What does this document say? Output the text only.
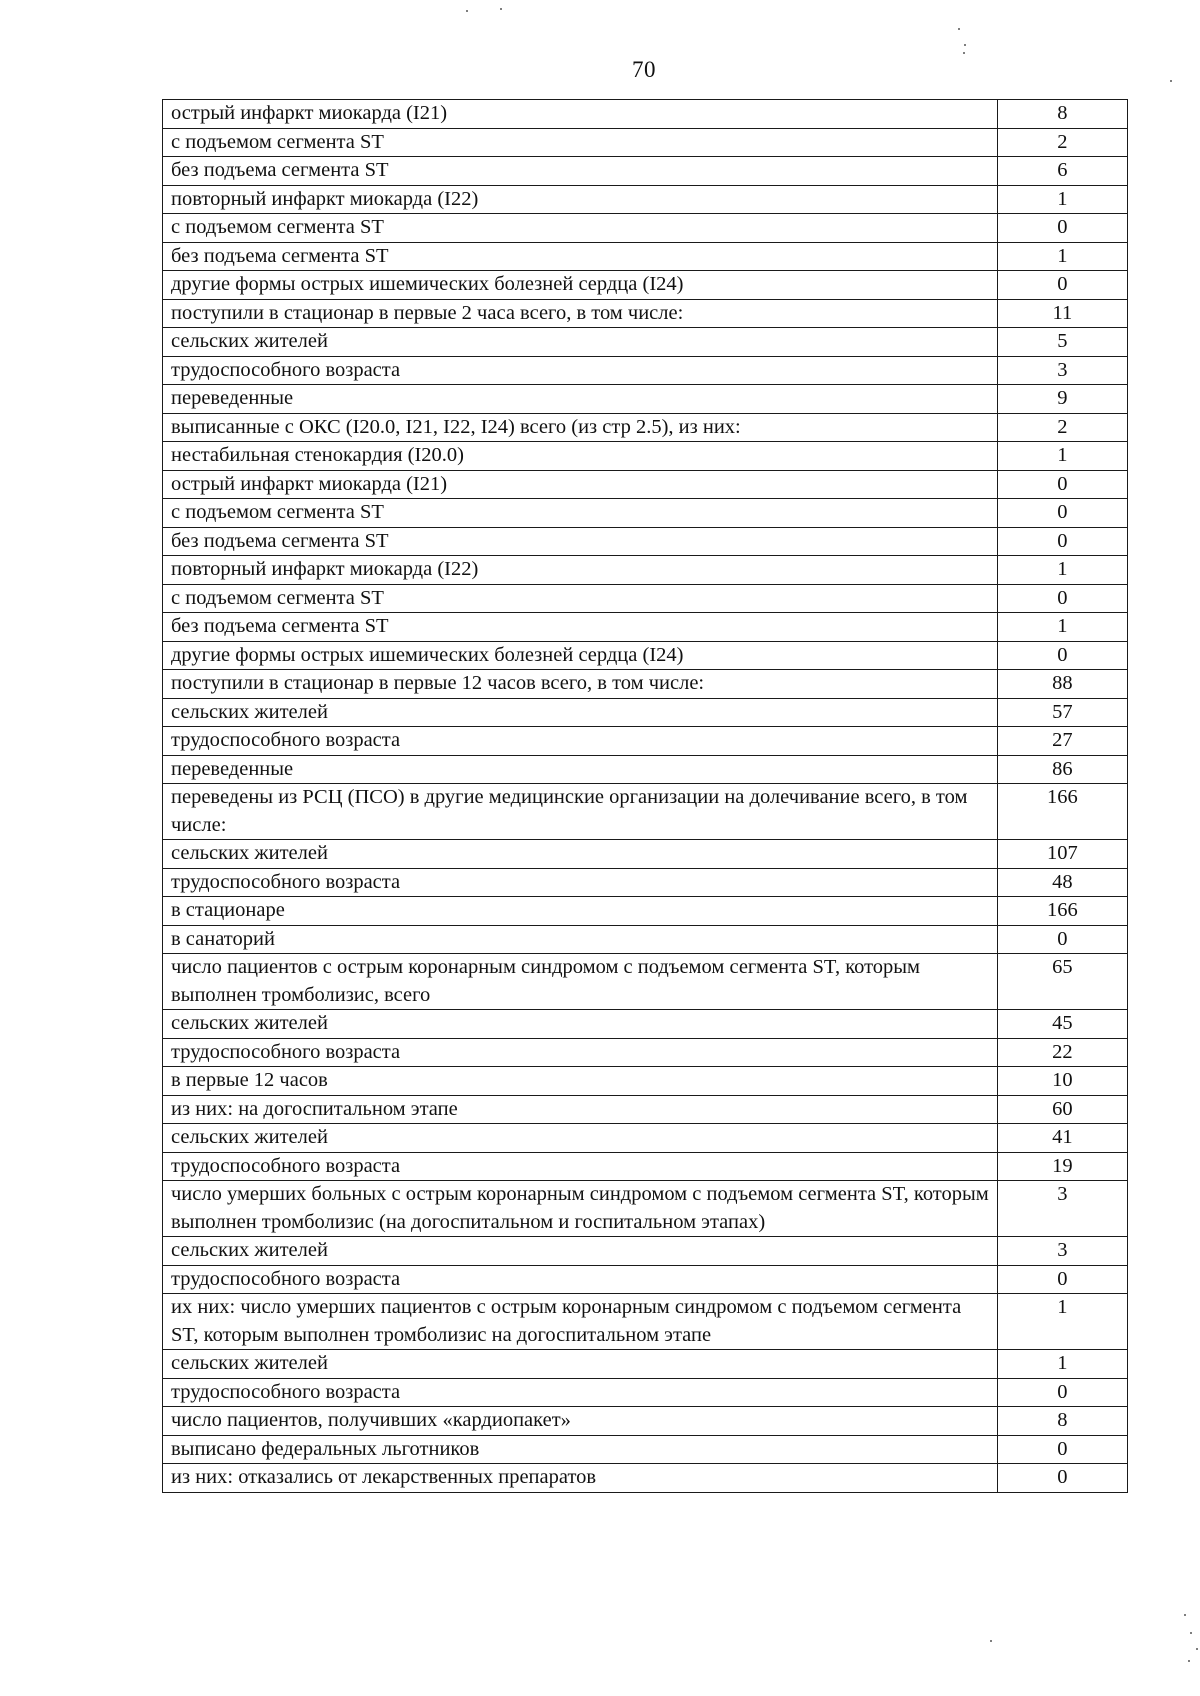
70
острый инфаркт миокарда (I21)	8
с подъемом сегмента ST	2
без подъема сегмента ST	6
повторный инфаркт миокарда (I22)	1
с подъемом сегмента ST	0
без подъема сегмента ST	1
другие формы острых ишемических болезней сердца (I24)	0
поступили в стационар в первые 2 часа всего, в том числе:	11
сельских жителей	5
трудоспособного возраста	3
переведенные	9
выписанные с ОКС (I20.0, I21, I22, I24) всего (из стр 2.5), из них:	2
нестабильная стенокардия (I20.0)	1
острый инфаркт миокарда (I21)	0
с подъемом сегмента ST	0
без подъема сегмента ST	0
повторный инфаркт миокарда (I22)	1
с подъемом сегмента ST	0
без подъема сегмента ST	1
другие формы острых ишемических болезней сердца (I24)	0
поступили в стационар в первые 12 часов всего, в том числе:	88
сельских жителей	57
трудоспособного возраста	27
переведенные	86
переведены из РСЦ (ПСО) в другие медицинские организации на долечивание всего, в том числе:	166
сельских жителей	107
трудоспособного возраста	48
в стационаре	166
в санаторий	0
число пациентов с острым коронарным синдромом с подъемом сегмента ST, которым выполнен тромболизис, всего	65
сельских жителей	45
трудоспособного возраста	22
в первые 12 часов	10
из них: на догоспитальном этапе	60
сельских жителей	41
трудоспособного возраста	19
число умерших больных с острым коронарным синдромом с подъемом сегмента ST, которым выполнен тромболизис (на догоспитальном и госпитальном этапах)	3
сельских жителей	3
трудоспособного возраста	0
их них: число умерших пациентов с острым коронарным синдромом с подъемом сегмента ST, которым выполнен тромболизис на догоспитальном этапе	1
сельских жителей	1
трудоспособного возраста	0
число пациентов, получивших «кардиопакет»	8
выписано федеральных льготников	0
из них: отказались от лекарственных препаратов	0
